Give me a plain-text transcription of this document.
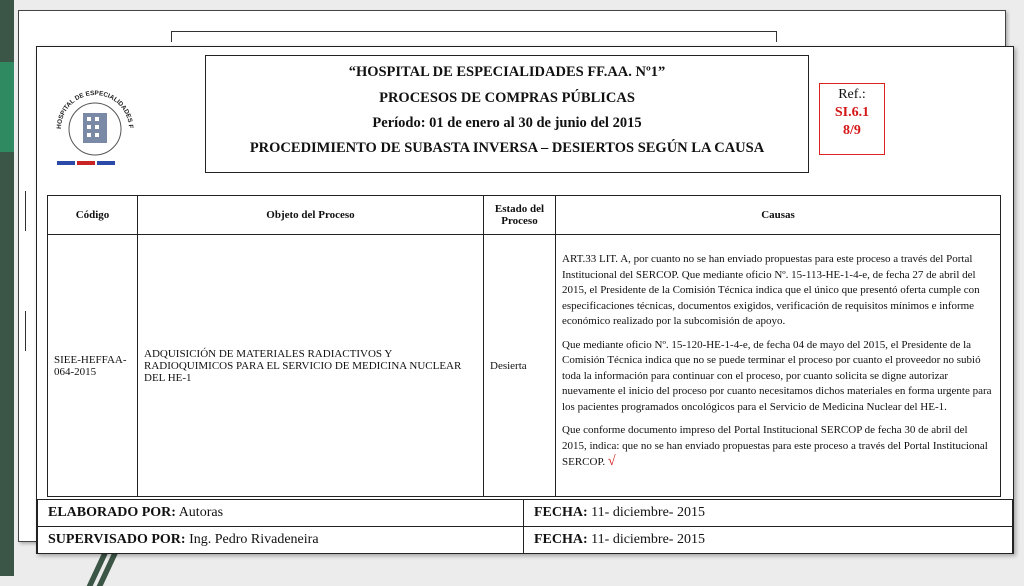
HOSPITAL DE ESPECIALIDADES F
“HOSPITAL DE ESPECIALIDADES FF.AA. Nº1”
PROCESOS DE COMPRAS PÚBLICAS
Período: 01 de enero al 30 de junio del 2015
PROCEDIMIENTO DE SUBASTA INVERSA – DESIERTOS SEGÚN LA CAUSA
Ref.:
SI.6.1
8/9
Código	Objeto del Proceso	Estado del Proceso	Causas
SIEE-HEFFAA-064-2015	ADQUISICIÓN DE MATERIALES RADIACTIVOS Y RADIOQUIMICOS PARA EL SERVICIO DE MEDICINA NUCLEAR DEL HE-1	Desierta	ART.33 LIT. A, por cuanto no se han enviado propuestas para este proceso a través del Portal Institucional del SERCOP. Que mediante oficio Nº. 15-113-HE-1-4-e, de fecha 27 de abril del 2015, el Presidente de la Comisión Técnica indica que el único que presentó oferta cumple con especificaciones técnicas, documentos exigidos, verificación de requisitos mínimos e informe económico realizado por la subcomisión de apoyo.

Que mediante oficio Nº. 15-120-HE-1-4-e, de fecha 04 de mayo del 2015, el Presidente de la Comisión Técnica indica que no se puede terminar el proceso por cuanto el proveedor no subió toda la información para continuar con el proceso, por cuanto solicita se digne autorizar nuevamente el inicio del proceso por cuanto necesitamos dichos materiales en forma urgente para los pacientes programados oncológicos para el Servicio de Medicina Nuclear del HE-1.

Que conforme documento impreso del Portal Institucional SERCOP de fecha 30 de abril del 2015, indica: que no se han enviado propuestas para este proceso a través del Portal Institucional SERCOP. √

ELABORADO POR: Autoras	FECHA: 11- diciembre- 2015
SUPERVISADO POR: Ing. Pedro Rivadeneira	FECHA: 11- diciembre- 2015
